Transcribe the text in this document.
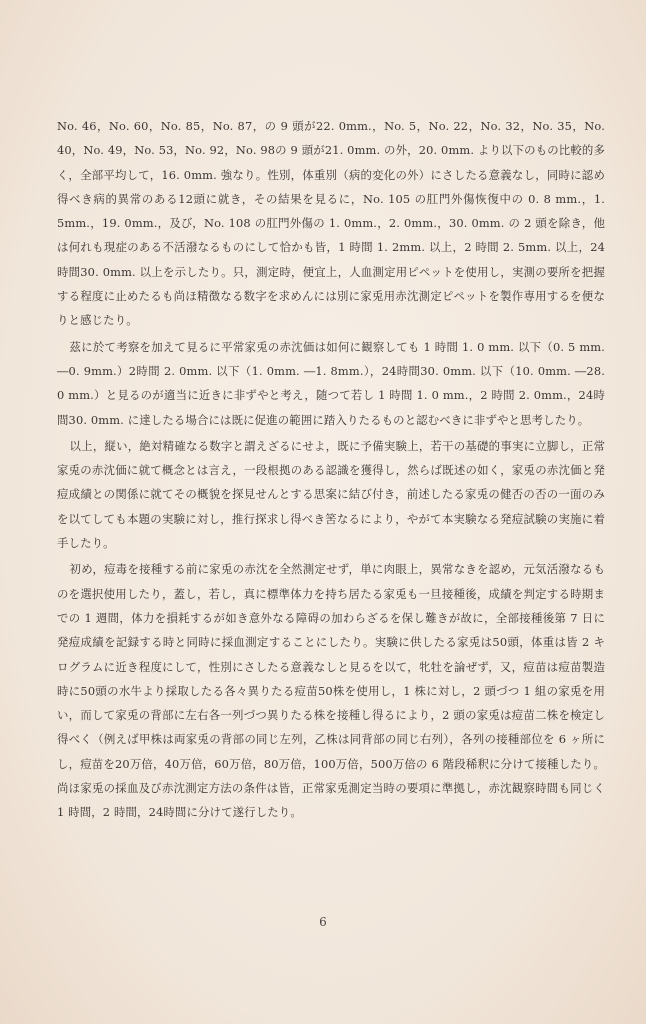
No. 46，No. 60，No. 85，No. 87，の 9 頭が22. 0mm.，No. 5，No. 22，No. 32，No. 35，No. 40，No. 49，No. 53，No. 92，No. 98の 9 頭が21. 0mm. の外，20. 0mm. より以下のもの比較的多く，全部平均して，16. 0mm. 強なり。性別，体重別（病的変化の外）にさしたる意義なし，同時に認め得べき病的異常のある12頭に就き，その結果を見るに，No. 105 の肛門外傷恢復中の 0. 8 mm.，1. 5mm.，19. 0mm.，及び，No. 108 の肛門外傷の 1. 0mm.，2. 0mm.，30. 0mm. の 2 頭を除き，他は何れも現症のある不活潑なるものにして恰かも皆，1 時間 1. 2mm. 以上，2 時間 2. 5mm. 以上，24時間30. 0mm. 以上を示したり。只，測定時，便宜上，人血測定用ピペットを使用し，実測の要所を把握する程度に止めたるも尚ほ精徴なる数字を求めんには別に家兎用赤沈測定ピペットを製作専用するを便なりと感じたり。

茲に於て考察を加えて見るに平常家兎の赤沈価は如何に観察しても 1 時間 1. 0 mm. 以下（0. 5 mm. ―0. 9mm.）2時間 2. 0mm. 以下（1. 0mm. ―1. 8mm.），24時間30. 0mm. 以下（10. 0mm. ―28. 0 mm.）と見るのが適当に近きに非ずやと考え，随つて若し 1 時間 1. 0 mm.，2 時間 2. 0mm.，24時間30. 0mm. に達したる場合には既に促進の範囲に踏入りたるものと認むべきに非ずやと思考したり。

以上，縦い，絶対精確なる数字と謂えざるにせよ，既に予備実験上，若干の基礎的事実に立脚し，正常家兎の赤沈価に就て概念とは言え，一段根拠のある認識を獲得し，然らば既述の如く，家兎の赤沈価と発痘成績との関係に就てその概貌を探見せんとする思案に結び付き，前述したる家兎の健否の否の一面のみを以てしても本題の実験に対し，推行探求し得べき筈なるにより，やがて本実験なる発痘試験の実施に着手したり。

初め，痘毒を接種する前に家兎の赤沈を全然測定せず，単に肉眼上，異常なきを認め，元気活潑なるものを選択使用したり，蓋し，若し，真に標準体力を持ち居たる家兎も一旦接種後，成績を判定する時期までの 1 週間，体力を損耗するが如き意外なる障碍の加わらざるを保し難きが故に，全部接種後第 7 日に発痘成績を記録する時と同時に採血測定することにしたり。実験に供したる家兎は50頭，体重は皆 2 キログラムに近き程度にして，性別にさしたる意義なしと見るを以て，牝牡を論ぜず，又，痘苗は痘苗製造時に50頭の水牛より採取したる各々異りたる痘苗50株を使用し，1 株に対し，2 頭づつ 1 組の家兎を用い，而して家兎の背部に左右各一列づつ異りたる株を接種し得るにより，2 頭の家兎は痘苗二株を検定し得べく（例えば甲株は両家兎の背部の同じ左列，乙株は同背部の同じ右列），各列の接種部位を 6 ヶ所にし，痘苗を20万倍，40万倍，60万倍，80万倍，100万倍，500万倍の 6 階段稀釈に分けて接種したり。尚ほ家兎の採血及び赤沈測定方法の条件は皆，正常家兎測定当時の要項に準拠し，赤沈観察時間も同じく 1 時間，2 時間，24時間に分けて遂行したり。

6
